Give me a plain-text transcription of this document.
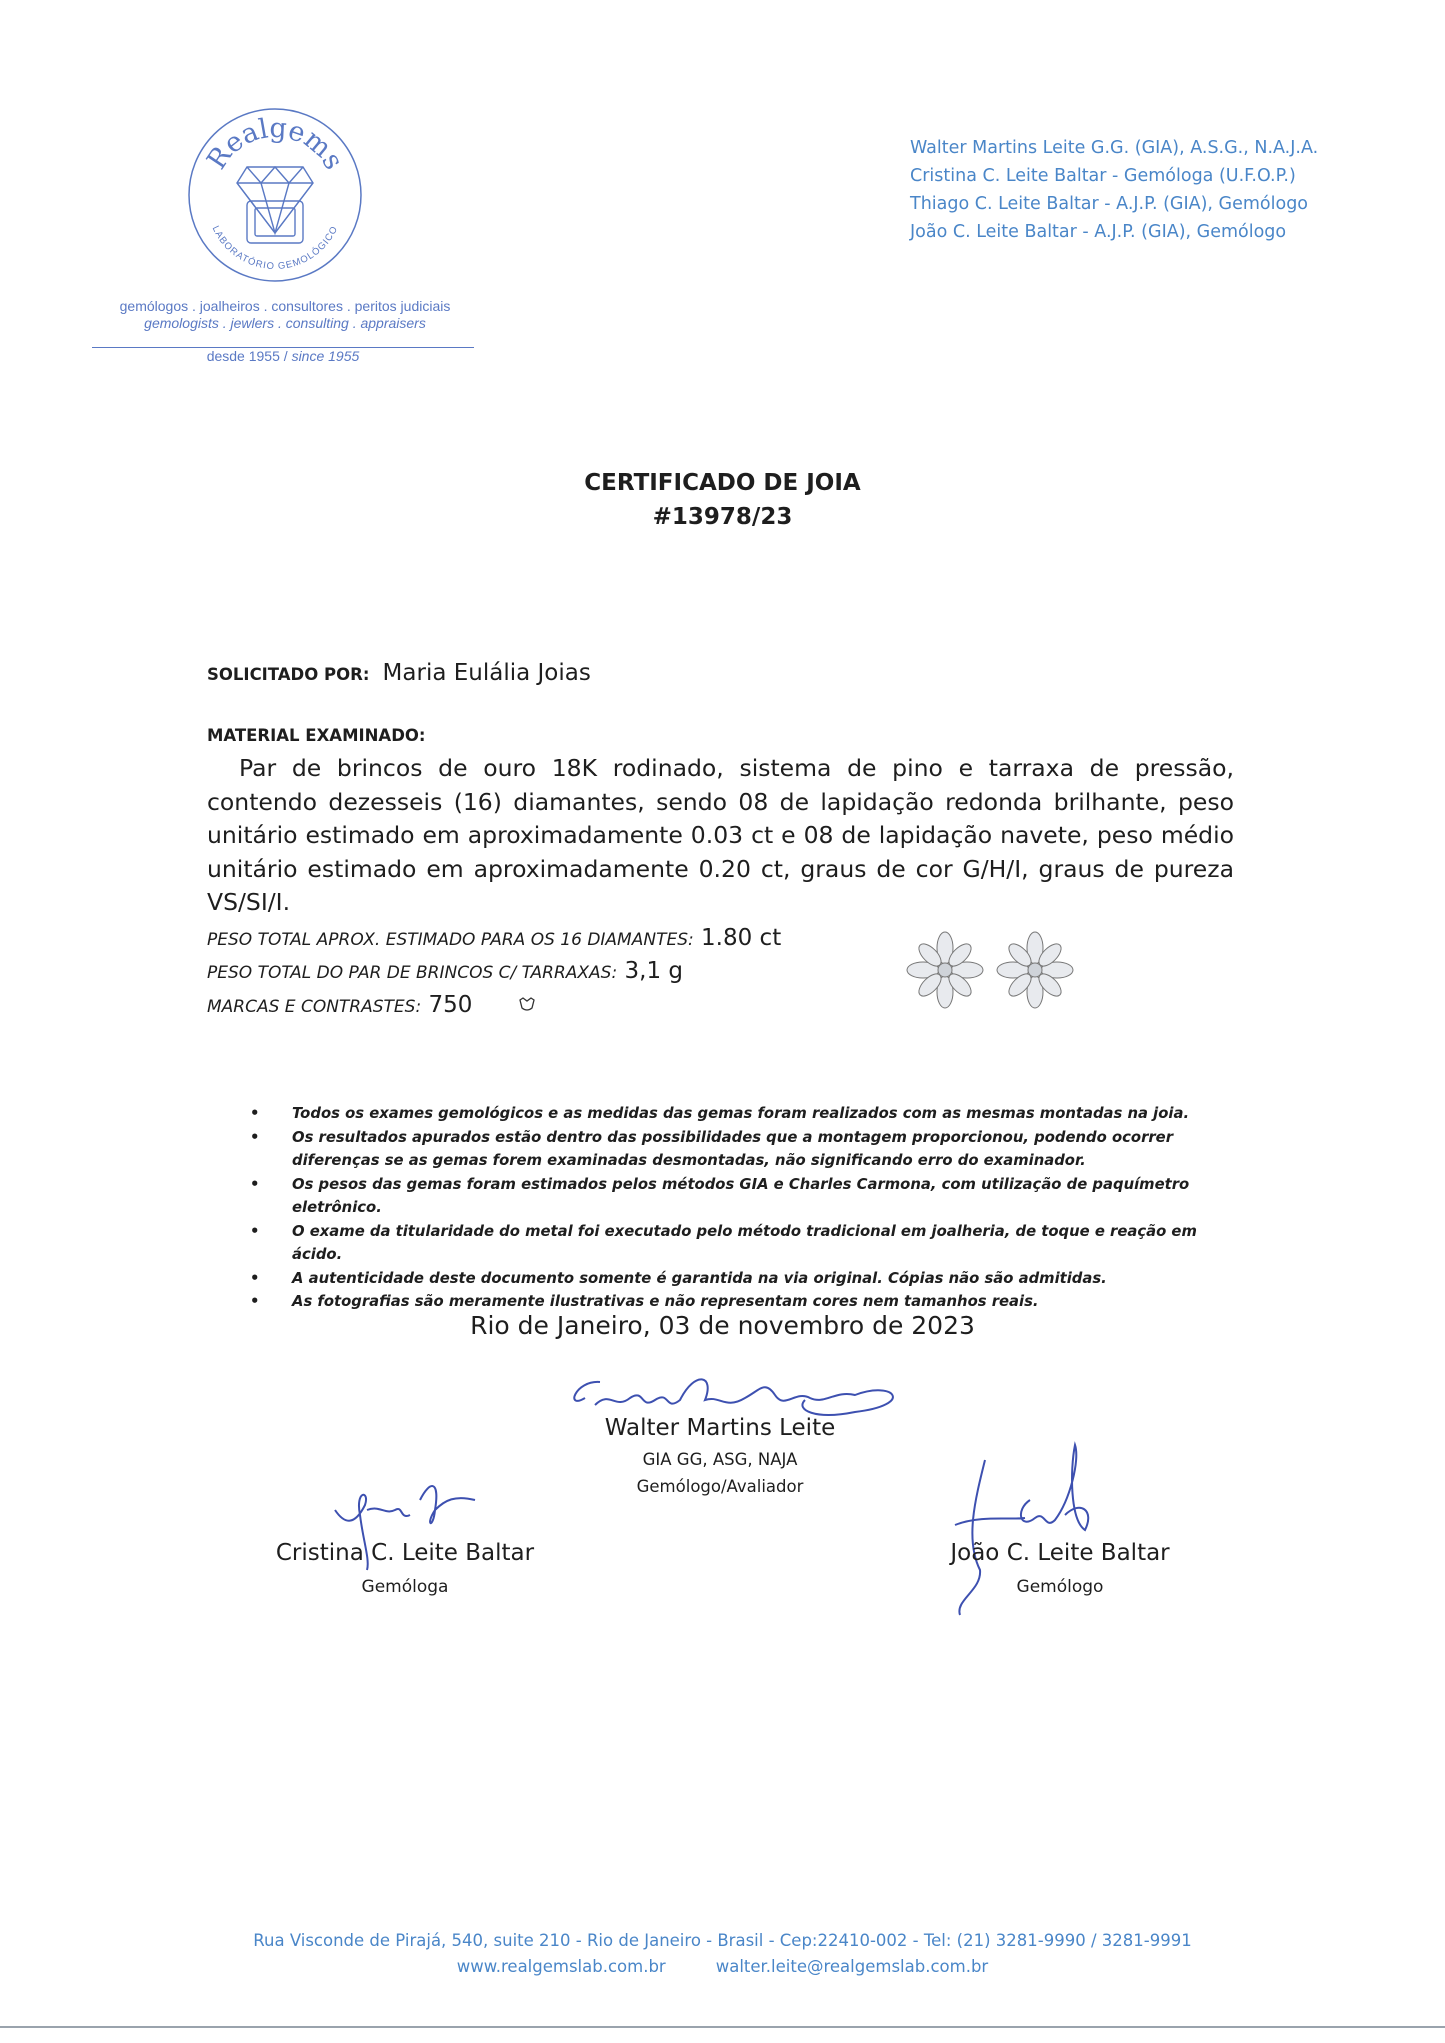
Realgems
LABORATÓRIO GEMOLÓGICO
gemólogos . joalheiros . consultores . peritos judiciais
gemologists . jewlers . consulting . appraisers
desde 1955 / since 1955
Walter Martins Leite G.G. (GIA), A.S.G., N.A.J.A.
Cristina C. Leite Baltar - Gemóloga (U.F.O.P.)
Thiago C. Leite Baltar - A.J.P. (GIA), Gemólogo
João C. Leite Baltar - A.J.P. (GIA), Gemólogo
CERTIFICADO DE JOIA
#13978/23
SOLICITADO POR: Maria Eulália Joias
MATERIAL EXAMINADO:
Par de brincos de ouro 18K rodinado, sistema de pino e tarraxa de pressão, contendo dezesseis (16) diamantes, sendo 08 de lapidação redonda brilhante, peso unitário estimado em aproximadamente 0.03 ct e 08 de lapidação navete, peso médio unitário estimado em aproximadamente 0.20 ct, graus de cor G/H/I, graus de pureza VS/SI/I.
PESO TOTAL APROX. ESTIMADO PARA OS 16 DIAMANTES: 1.80 ct
PESO TOTAL DO PAR DE BRINCOS C/ TARRAXAS: 3,1 g
MARCAS E CONTRASTES: 750
• Todos os exames gemológicos e as medidas das gemas foram realizados com as mesmas montadas na joia.
• Os resultados apurados estão dentro das possibilidades que a montagem proporcionou, podendo ocorrer diferenças se as gemas forem examinadas desmontadas, não significando erro do examinador.
• Os pesos das gemas foram estimados pelos métodos GIA e Charles Carmona, com utilização de paquímetro eletrônico.
• O exame da titularidade do metal foi executado pelo método tradicional em joalheria, de toque e reação em ácido.
• A autenticidade deste documento somente é garantida na via original. Cópias não são admitidas.
• As fotografias são meramente ilustrativas e não representam cores nem tamanhos reais.
Rio de Janeiro, 03 de novembro de 2023
Walter Martins Leite
GIA GG, ASG, NAJA
Gemólogo/Avaliador
Cristina C. Leite Baltar
Gemóloga
João C. Leite Baltar
Gemólogo
Rua Visconde de Pirajá, 540, suite 210 - Rio de Janeiro - Brasil - Cep:22410-002 - Tel: (21) 3281-9990 / 3281-9991
www.realgemslab.com.br	walter.leite@realgemslab.com.br
